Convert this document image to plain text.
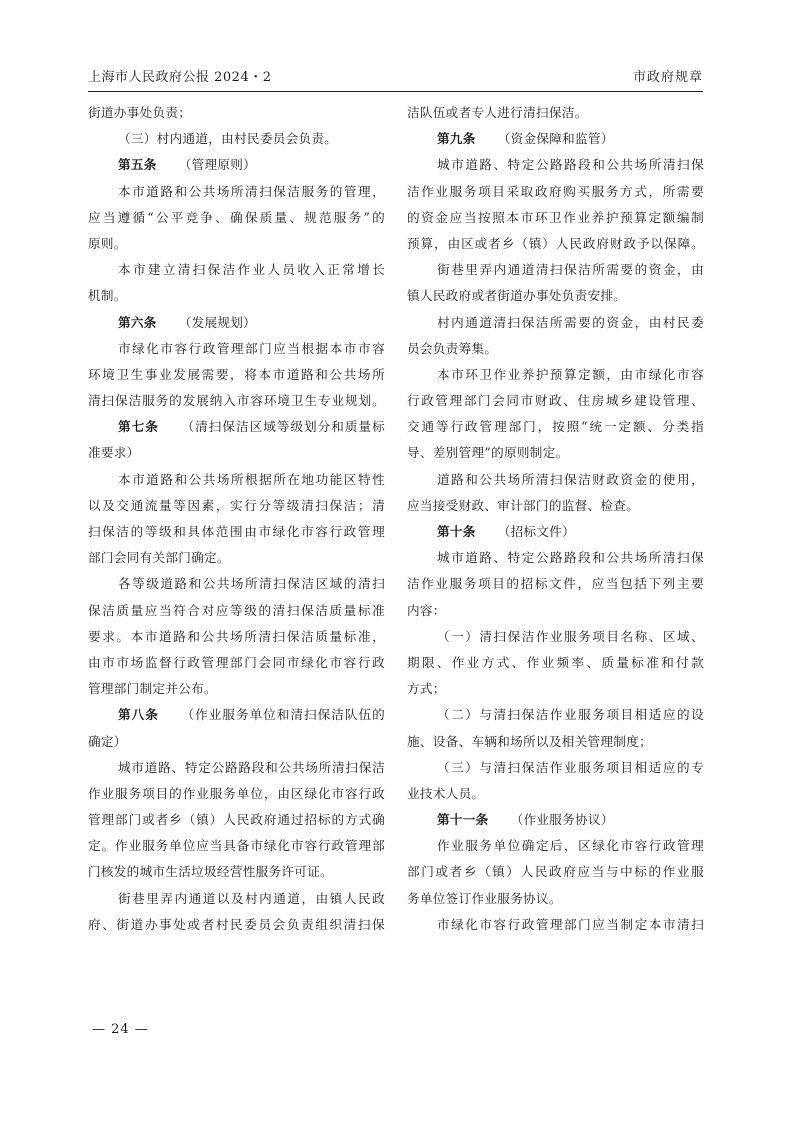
上海市人民政府公报 2024・2	市政府规章
街道办事处负责；
（三）村内通道，由村民委员会负责。
第五条 （管理原则）
本市道路和公共场所清扫保洁服务的管理，
应当遵循“公平竞争、确保质量、规范服务”的
原则。
本市建立清扫保洁作业人员收入正常增长
机制。
第六条 （发展规划）
市绿化市容行政管理部门应当根据本市市容
环境卫生事业发展需要，将本市道路和公共场所
清扫保洁服务的发展纳入市容环境卫生专业规划。
第七条 （清扫保洁区域等级划分和质量标
准要求）
本市道路和公共场所根据所在地功能区特性
以及交通流量等因素，实行分等级清扫保洁；清
扫保洁的等级和具体范围由市绿化市容行政管理
部门会同有关部门确定。
各等级道路和公共场所清扫保洁区域的清扫
保洁质量应当符合对应等级的清扫保洁质量标准
要求。本市道路和公共场所清扫保洁质量标准，
由市市场监督行政管理部门会同市绿化市容行政
管理部门制定并公布。
第八条 （作业服务单位和清扫保洁队伍的
确定）
城市道路、特定公路路段和公共场所清扫保洁
作业服务项目的作业服务单位，由区绿化市容行政
管理部门或者乡（镇）人民政府通过招标的方式确
定。作业服务单位应当具备市绿化市容行政管理部
门核发的城市生活垃圾经营性服务许可证。
街巷里弄内通道以及村内通道，由镇人民政
府、街道办事处或者村民委员会负责组织清扫保
洁队伍或者专人进行清扫保洁。
第九条 （资金保障和监管）
城市道路、特定公路路段和公共场所清扫保
洁作业服务项目采取政府购买服务方式，所需要
的资金应当按照本市环卫作业养护预算定额编制
预算，由区或者乡（镇）人民政府财政予以保障。
街巷里弄内通道清扫保洁所需要的资金，由
镇人民政府或者街道办事处负责安排。
村内通道清扫保洁所需要的资金，由村民委
员会负责筹集。
本市环卫作业养护预算定额，由市绿化市容
行政管理部门会同市财政、住房城乡建设管理、
交通等行政管理部门，按照“统一定额、分类指
导、差别管理”的原则制定。
道路和公共场所清扫保洁财政资金的使用，
应当接受财政、审计部门的监督、检查。
第十条 （招标文件）
城市道路、特定公路路段和公共场所清扫保
洁作业服务项目的招标文件，应当包括下列主要
内容：
（一）清扫保洁作业服务项目名称、区域、
期限、作业方式、作业频率、质量标准和付款
方式；
（二）与清扫保洁作业服务项目相适应的设
施、设备、车辆和场所以及相关管理制度；
（三）与清扫保洁作业服务项目相适应的专
业技术人员。
第十一条 （作业服务协议）
作业服务单位确定后，区绿化市容行政管理
部门或者乡（镇）人民政府应当与中标的作业服
务单位签订作业服务协议。
市绿化市容行政管理部门应当制定本市清扫
— 24 —
